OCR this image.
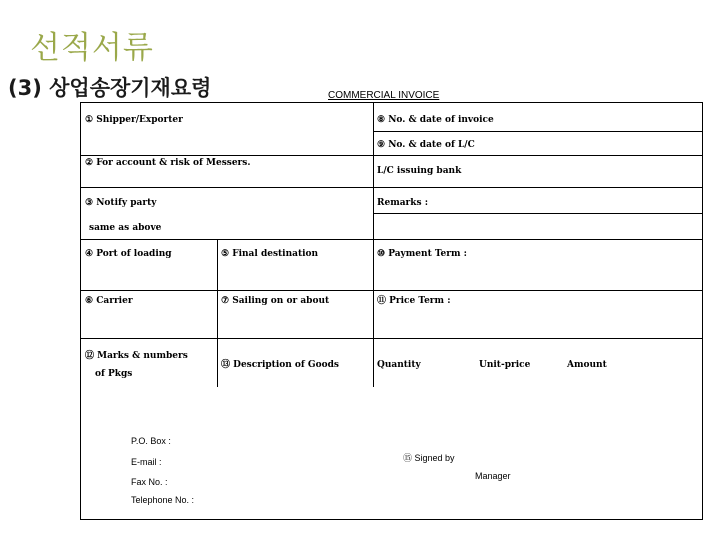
선적서류
(3) 상업송장기재요령	COMMERCIAL INVOICE
① Shipper/Exporter	⑧ No. & date of invoice
⑨ No. & date of L/C
② For account & risk of Messers.
L/C issuing bank
③ Notify party	Remarks :
same as above
④ Port of loading	⑤ Final destination	⑩ Payment Term :
⑥ Carrier	⑦ Sailing on or about	⑪ Price Term :
⑫ Marks & numbers
of Pkgs
⑬ Description of Goods	Quantity	Unit-price	Amount
P.O. Box :
E-mail :
Fax No. :
Telephone No. :
⑮ Signed by
Manager
